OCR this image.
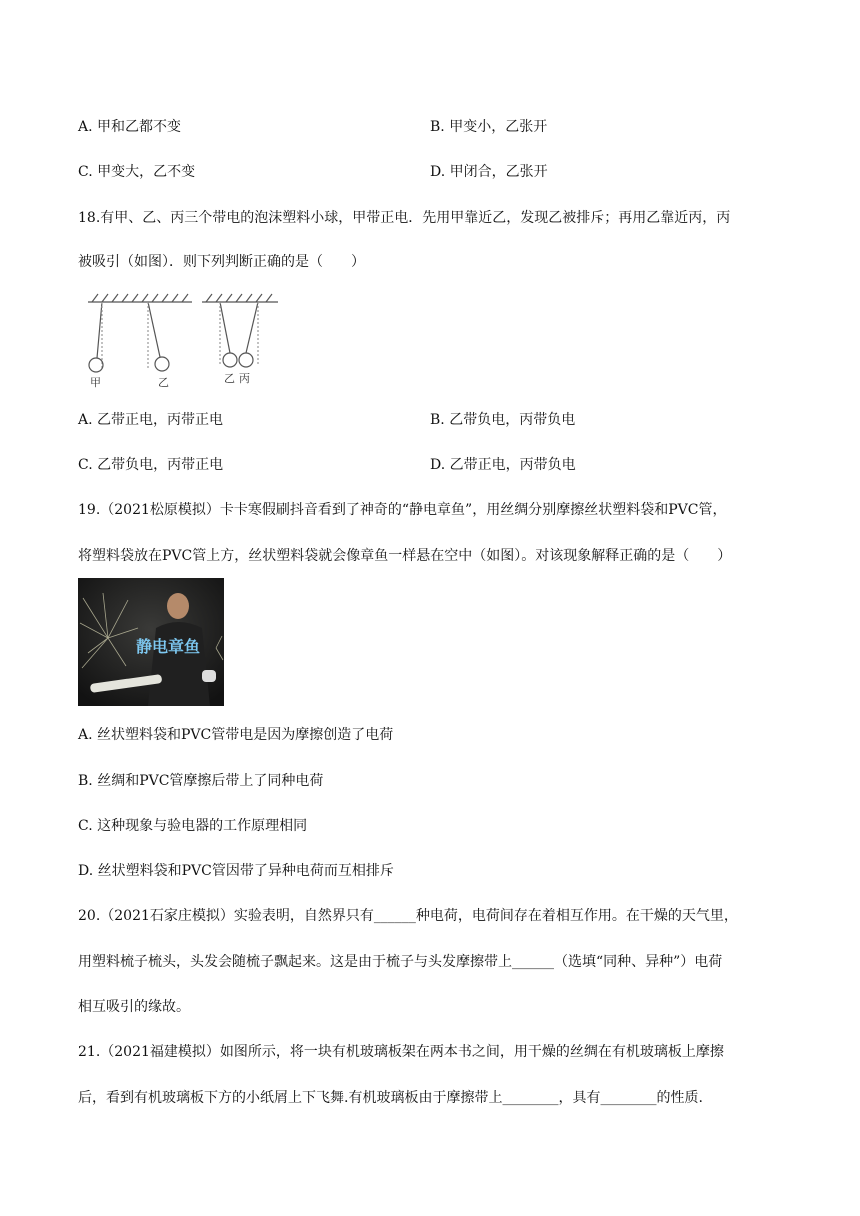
A. 甲和乙都不变	B. 甲变小，乙张开
C. 甲变大，乙不变	D. 甲闭合，乙张开
18.有甲、乙、丙三个带电的泡沫塑料小球，甲带正电．先用甲靠近乙，发现乙被排斥；再用乙靠近丙，丙
被吸引（如图）．则下列判断正确的是（　　）
甲	乙	乙 丙
A. 乙带正电，丙带正电	B. 乙带负电，丙带负电
C. 乙带负电，丙带正电	D. 乙带正电，丙带负电
19.（2021松原模拟）卡卡寒假刷抖音看到了神奇的“静电章鱼”，用丝绸分别摩擦丝状塑料袋和PVC管，
将塑料袋放在PVC管上方，丝状塑料袋就会像章鱼一样悬在空中（如图）。对该现象解释正确的是（　　）
静电章鱼
A. 丝状塑料袋和PVC管带电是因为摩擦创造了电荷
B. 丝绸和PVC管摩擦后带上了同种电荷
C. 这种现象与验电器的工作原理相同
D. 丝状塑料袋和PVC管因带了异种电荷而互相排斥
20.（2021石家庄模拟）实验表明，自然界只有______种电荷，电荷间存在着相互作用。在干燥的天气里，
用塑料梳子梳头，头发会随梳子飘起来。这是由于梳子与头发摩擦带上______（选填“同种、异种”）电荷
相互吸引的缘故。
21.（2021福建模拟）如图所示，将一块有机玻璃板架在两本书之间，用干燥的丝绸在有机玻璃板上摩擦
后，看到有机玻璃板下方的小纸屑上下飞舞.有机玻璃板由于摩擦带上________，具有________的性质.
